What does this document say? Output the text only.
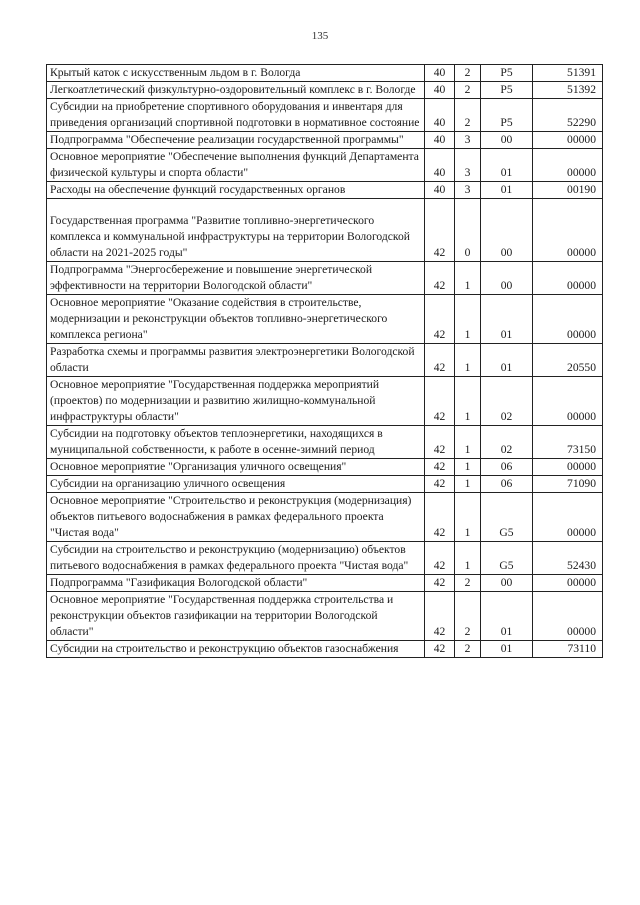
135
Крытый каток с искусственным льдом в г. Вологда	40	2	P5	51391
Легкоатлетический физкультурно-оздоровительный комплекс в г. Вологде	40	2	P5	51392
Субсидии на приобретение спортивного оборудования и инвентаря для приведения организаций спортивной подготовки в нормативное состояние	40	2	P5	52290
Подпрограмма "Обеспечение реализации государственной программы"	40	3	00	00000
Основное мероприятие "Обеспечение выполнения функций Департамента физической культуры и спорта области"	40	3	01	00000
Расходы на обеспечение функций государственных органов	40	3	01	00190
Государственная программа "Развитие топливно-энергетического комплекса и коммунальной инфраструктуры на территории Вологодской области на 2021-2025 годы"	42	0	00	00000
Подпрограмма "Энергосбережение и повышение энергетической эффективности на территории Вологодской области"	42	1	00	00000
Основное мероприятие "Оказание содействия в строительстве, модернизации и реконструкции объектов топливно-энергетического комплекса региона"	42	1	01	00000
Разработка схемы и программы развития электроэнергетики Вологодской области	42	1	01	20550
Основное мероприятие "Государственная поддержка мероприятий (проектов) по модернизации и развитию жилищно-коммунальной инфраструктуры области"	42	1	02	00000
Субсидии на подготовку объектов теплоэнергетики, находящихся в муниципальной собственности, к работе в осенне-зимний период	42	1	02	73150
Основное мероприятие "Организация уличного освещения"	42	1	06	00000
Субсидии на организацию уличного освещения	42	1	06	71090
Основное мероприятие "Строительство и реконструкция (модернизация) объектов питьевого водоснабжения в рамках федерального проекта "Чистая вода"	42	1	G5	00000
Субсидии на строительство и реконструкцию (модернизацию) объектов питьевого водоснабжения в рамках федерального проекта "Чистая вода"	42	1	G5	52430
Подпрограмма "Газификация Вологодской области"	42	2	00	00000
Основное мероприятие "Государственная поддержка строительства и реконструкции объектов газификации на территории Вологодской области"	42	2	01	00000
Субсидии на строительство и реконструкцию объектов газоснабжения	42	2	01	73110
